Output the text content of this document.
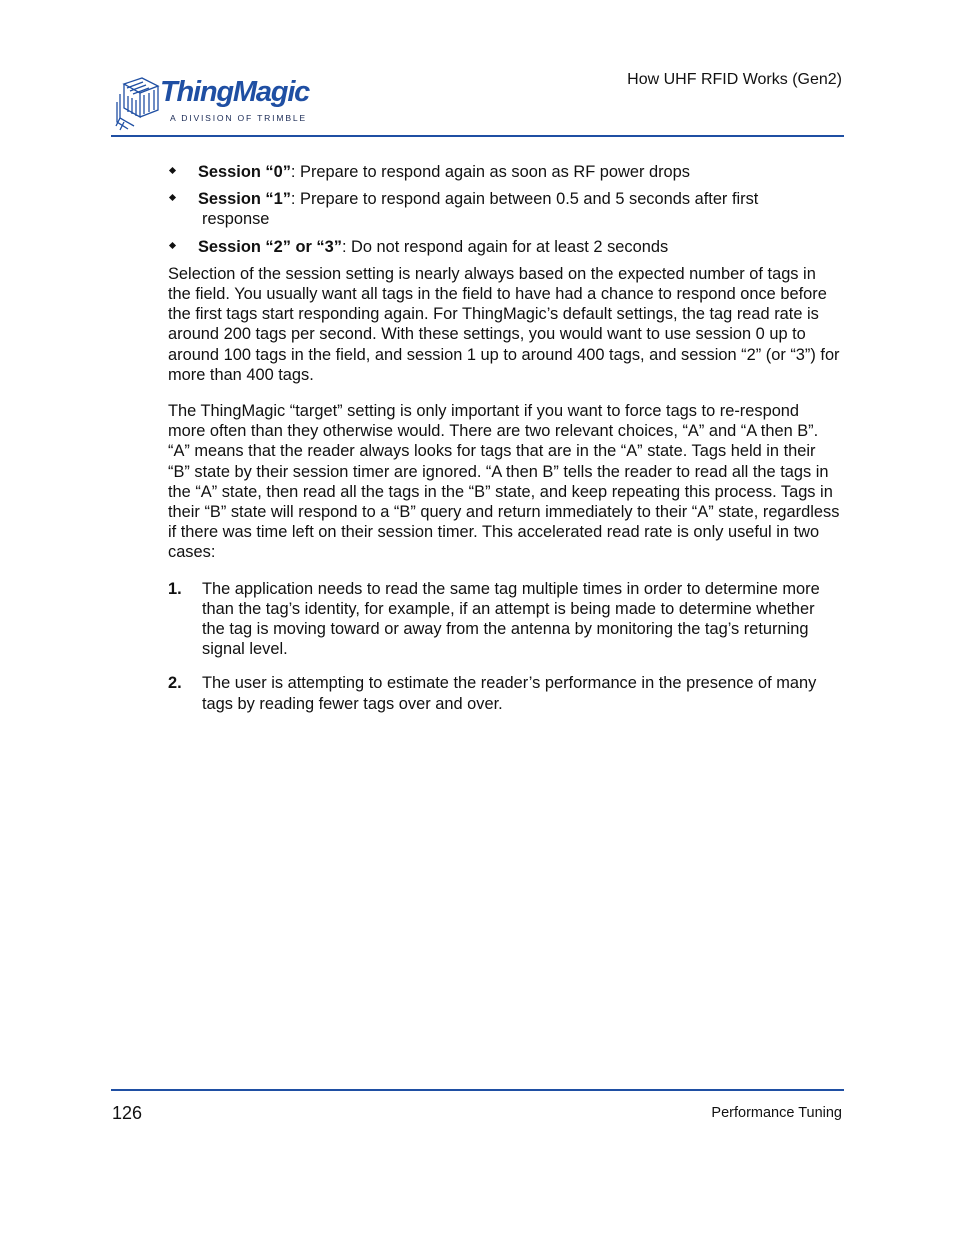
ThingMagic
A DIVISION OF TRIMBLE
How UHF RFID Works (Gen2)
Session “0”: Prepare to respond again as soon as RF power drops
Session “1”: Prepare to respond again between 0.5 and 5 seconds after first
response
Session “2” or “3”: Do not respond again for at least 2 seconds

Selection of the session setting is nearly always based on the expected number of tags in the field. You usually want all tags in the field to have had a chance to respond once before the first tags start responding again. For ThingMagic’s default settings, the tag read rate is around 200 tags per second. With these settings, you would want to use session 0 up to around 100 tags in the field, and session 1 up to around 400 tags, and session “2” (or “3”) for more than 400 tags.

The ThingMagic “target” setting is only important if you want to force tags to re-respond more often than they otherwise would. There are two relevant choices, “A” and “A then B”. “A” means that the reader always looks for tags that are in the “A” state. Tags held in their “B” state by their session timer are ignored. “A then B” tells the reader to read all the tags in the “A” state, then read all the tags in the “B” state, and keep repeating this process. Tags in their “B” state will respond to a “B” query and return immediately to their “A” state, regardless if there was time left on their session timer. This accelerated read rate is only useful in two cases:

1. The application needs to read the same tag multiple times in order to determine more than the tag’s identity, for example, if an attempt is being made to determine whether the tag is moving toward or away from the antenna by monitoring the tag’s returning signal level.
2. The user is attempting to estimate the reader’s performance in the presence of many tags by reading fewer tags over and over.
126	Performance Tuning
